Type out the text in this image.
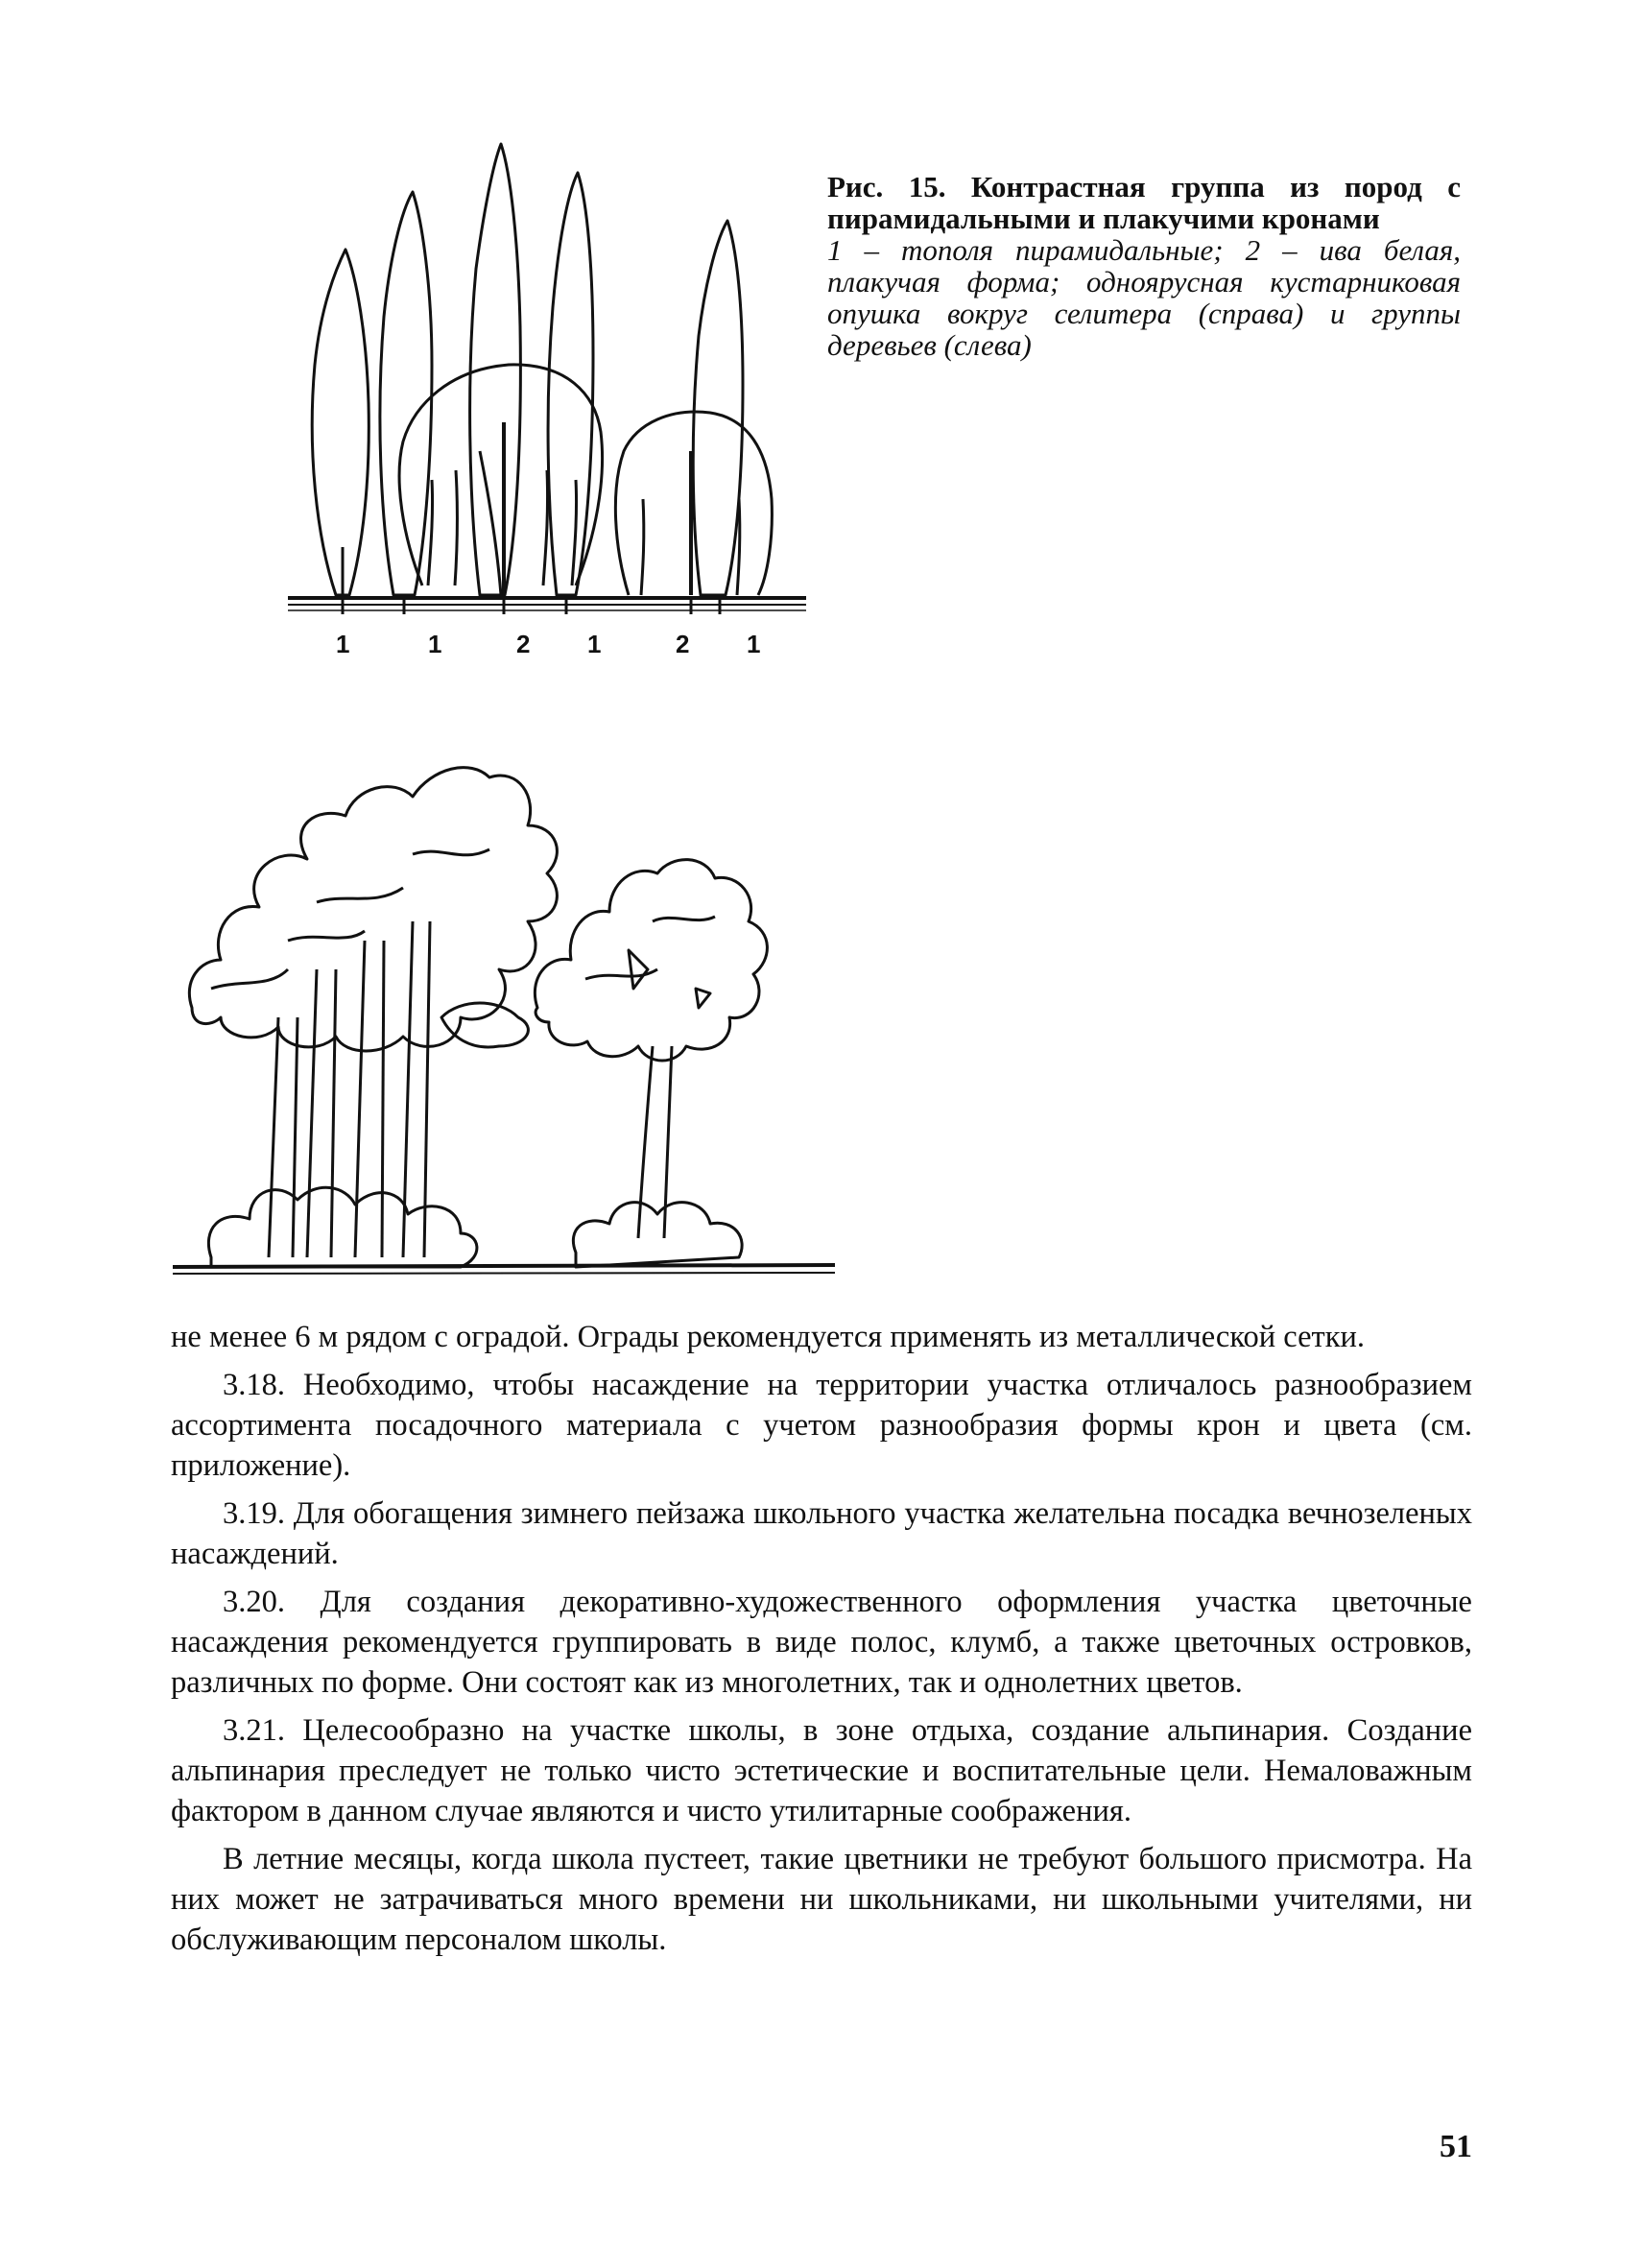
1	1	2 1	2 1
Рис. 15. Контрастная группа из пород с пирамидальными и плакучими кронами
1 – тополя пирамидальные; 2 – ива белая, плакучая форма; одноярусная кустарниковая опушка вокруг селитера (справа) и группы деревьев (слева)

не менее 6 м рядом с оградой. Ограды рекомендуется применять из металлической сетки.

3.18. Необходимо, чтобы насаждение на территории участка отличалось разнообразием ассортимента посадочного материала с учетом разнообразия формы крон и цвета (см. приложение).

3.19. Для обогащения зимнего пейзажа школьного участка желательна посадка вечнозеленых насаждений.

3.20. Для создания декоративно-художественного оформления участка цветочные насаждения рекомендуется группировать в виде полос, клумб, а также цветочных островков, различных по форме. Они состоят как из многолетних, так и однолетних цветов.

3.21. Целесообразно на участке школы, в зоне отдыха, создание альпинария. Создание альпинария преследует не только чисто эстетические и воспитательные цели. Немаловажным фактором в данном случае являются и чисто утилитарные соображения.

В летние месяцы, когда школа пустеет, такие цветники не требуют большого присмотра. На них может не затрачиваться много времени ни школьниками, ни школьными учителями, ни обслуживающим персоналом школы.

51
